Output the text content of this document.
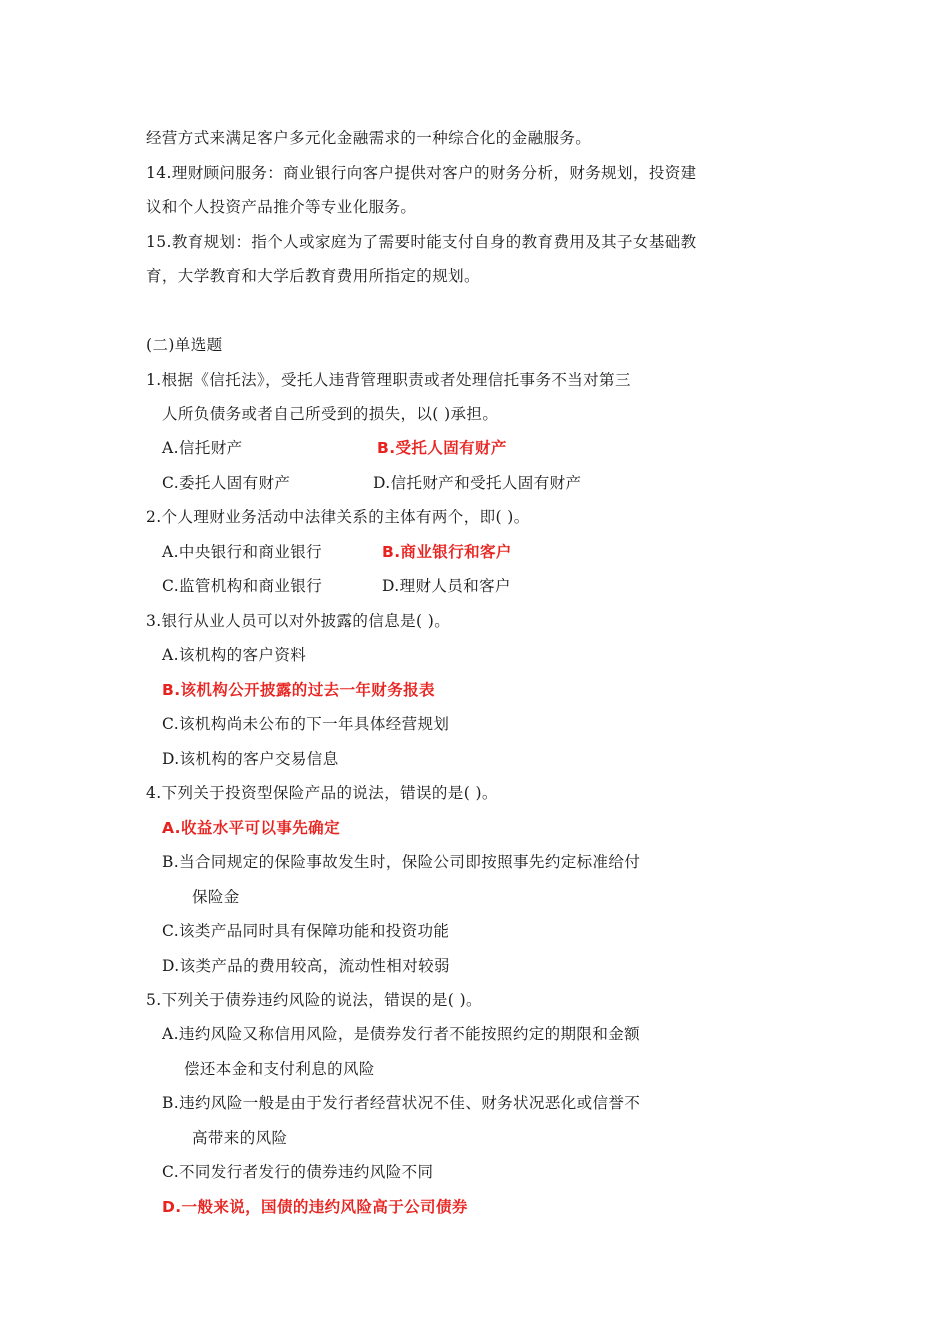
经营方式来满足客户多元化金融需求的一种综合化的金融服务。
14.理财顾问服务：商业银行向客户提供对客户的财务分析，财务规划，投资建
议和个人投资产品推介等专业化服务。
15.教育规划：指个人或家庭为了需要时能支付自身的教育费用及其子女基础教
育，大学教育和大学后教育费用所指定的规划。
(二)单选题
1.根据《信托法》，受托人违背管理职责或者处理信托事务不当对第三
人所负债务或者自己所受到的损失，以( )承担。
A.信托财产	B.受托人固有财产
C.委托人固有财产	D.信托财产和受托人固有财产
2.个人理财业务活动中法律关系的主体有两个，即( )。
A.中央银行和商业银行	B.商业银行和客户
C.监管机构和商业银行	D.理财人员和客户
3.银行从业人员可以对外披露的信息是( )。
A.该机构的客户资料
B.该机构公开披露的过去一年财务报表
C.该机构尚未公布的下一年具体经营规划
D.该机构的客户交易信息
4.下列关于投资型保险产品的说法，错误的是( )。
A.收益水平可以事先确定
B.当合同规定的保险事故发生时，保险公司即按照事先约定标准给付
保险金
C.该类产品同时具有保障功能和投资功能
D.该类产品的费用较高，流动性相对较弱
5.下列关于债券违约风险的说法，错误的是( )。
A.违约风险又称信用风险，是债券发行者不能按照约定的期限和金额
偿还本金和支付利息的风险
B.违约风险一般是由于发行者经营状况不佳、财务状况恶化或信誉不
高带来的风险
C.不同发行者发行的债券违约风险不同
D.一般来说，国债的违约风险高于公司债券
